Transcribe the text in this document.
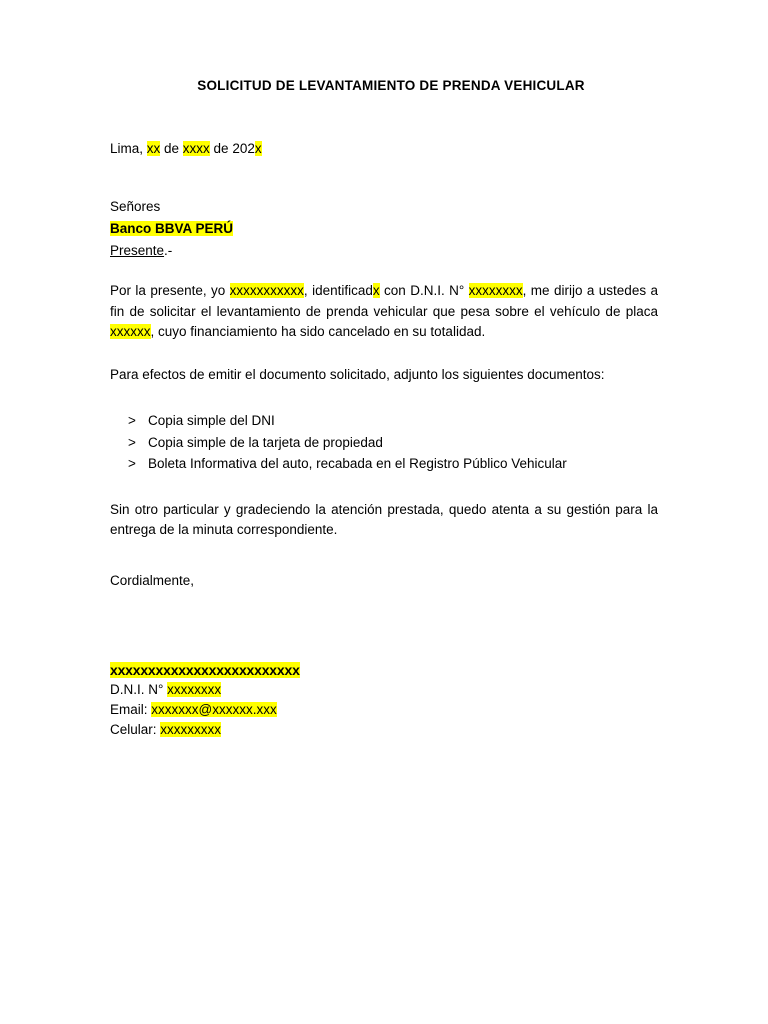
SOLICITUD DE LEVANTAMIENTO DE PRENDA VEHICULAR
Lima, xx de xxxx de 202x
Señores
Banco BBVA PERÚ
Presente.-

Por la presente, yo xxxxxxxxxxx, identificadx con D.N.I. N° xxxxxxxx, me dirijo a ustedes a fin de solicitar el levantamiento de prenda vehicular que pesa sobre el vehículo de placa xxxxxx, cuyo financiamiento ha sido cancelado en su totalidad.

Para efectos de emitir el documento solicitado, adjunto los siguientes documentos:

> Copia simple del DNI
> Copia simple de la tarjeta de propiedad
> Boleta Informativa del auto, recabada en el Registro Público Vehicular

Sin otro particular y gradeciendo la atención prestada, quedo atenta a su gestión para la entrega de la minuta correspondiente.

Cordialmente,
xxxxxxxxxxxxxxxxxxxxxxxxx
D.N.I. N° xxxxxxxx
Email: xxxxxxx@xxxxxx.xxx
Celular: xxxxxxxxx
